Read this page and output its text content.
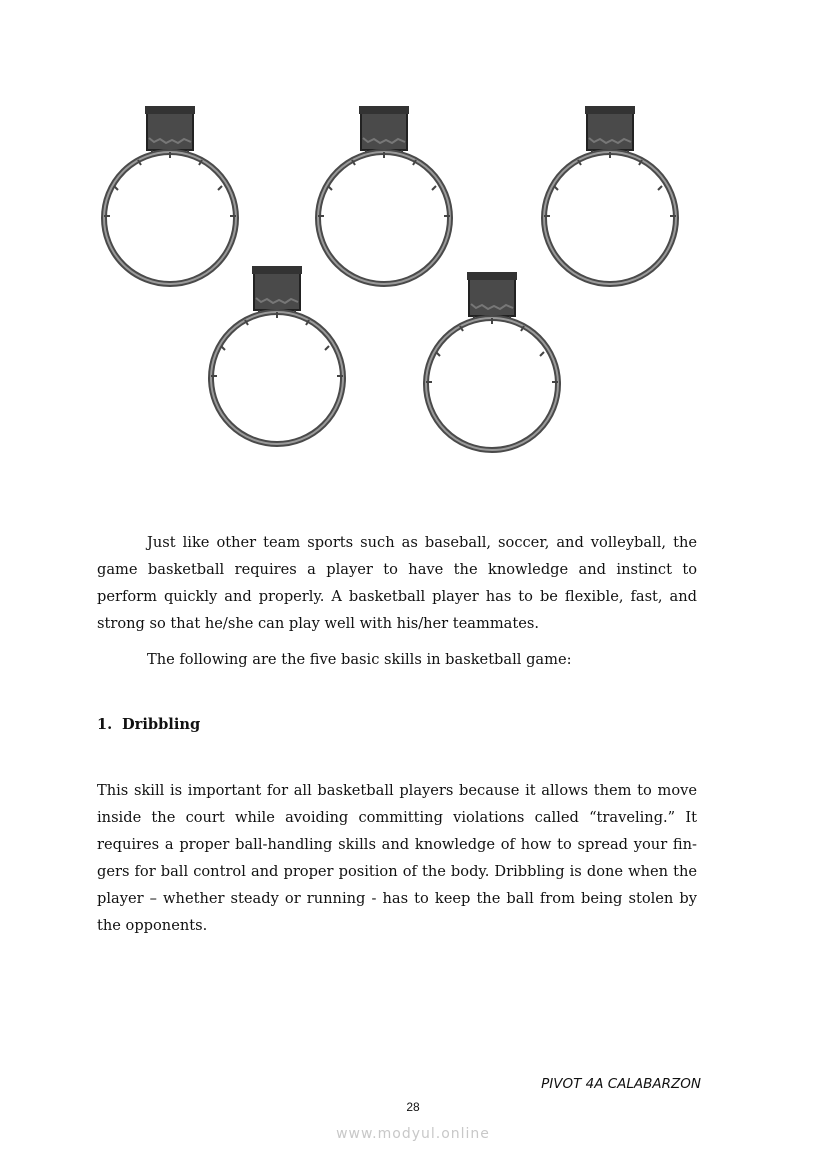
Just like other team sports such as baseball, soccer, and volleyball, the game basketball requires a player to have the knowledge and instinct to perform quickly and properly. A basketball player has to be flexible, fast, and strong so that he/she can play well with his/her teammates.

The following are the five basic skills in basketball game:

1. Dribbling

This skill is important for all basketball players because it allows them to move inside the court while avoiding committing violations called “traveling.” It requires a proper ball-handling skills and knowledge of how to spread your fin-gers for ball control and proper position of the body. Dribbling is done when the player – whether steady or running - has to keep the ball from being stolen by the opponents.

PIVOT 4A CALABARZON
28
www.modyul.online
